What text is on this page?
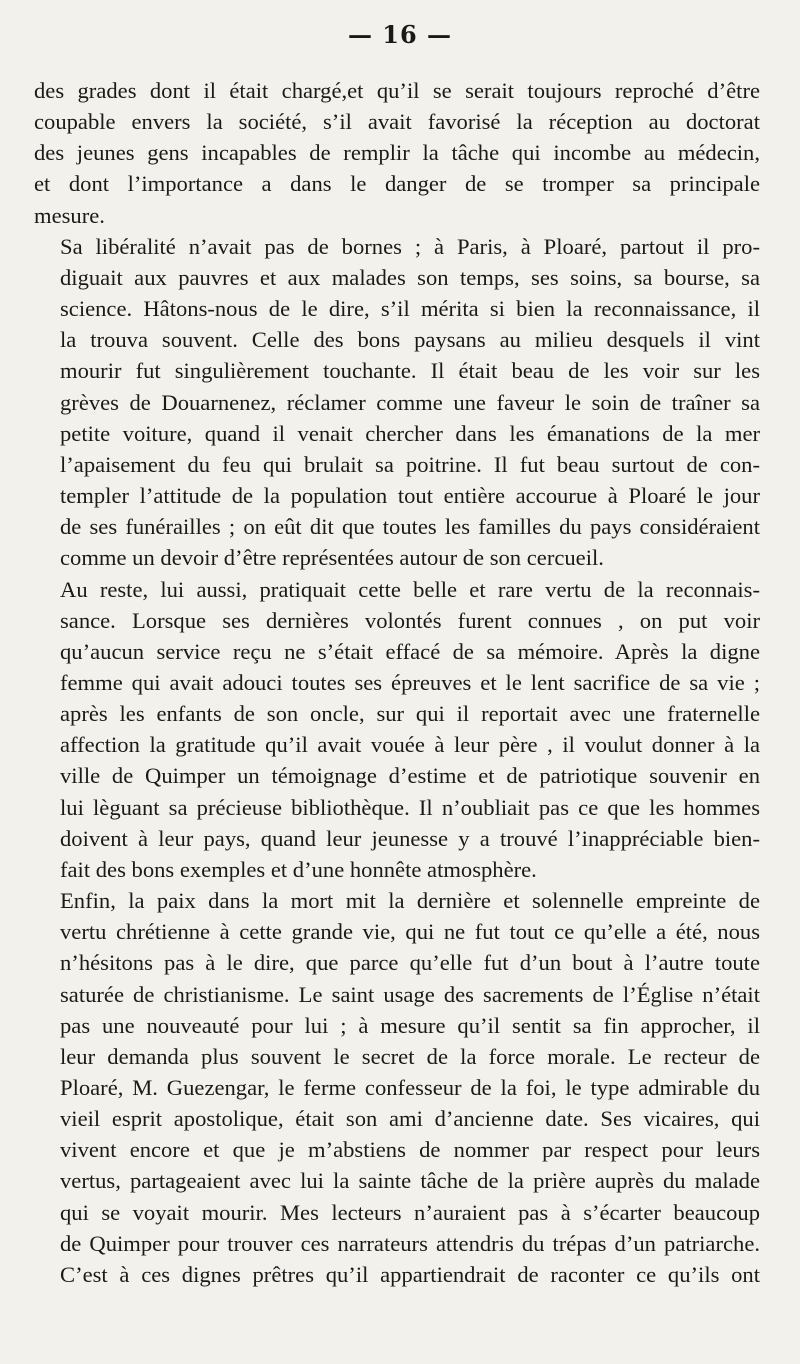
— 16 —
des grades dont il était chargé,et qu’il se serait toujours reproché d’être
coupable envers la société, s’il avait favorisé la réception au doctorat
des jeunes gens incapables de remplir la tâche qui incombe au médecin,
et dont l’importance a dans le danger de se tromper sa principale
mesure.
Sa libéralité n’avait pas de bornes ; à Paris, à Ploaré, partout il pro-
diguait aux pauvres et aux malades son temps, ses soins, sa bourse, sa
science. Hâtons-nous de le dire, s’il mérita si bien la reconnaissance, il
la trouva souvent. Celle des bons paysans au milieu desquels il vint
mourir fut singulièrement touchante. Il était beau de les voir sur les
grèves de Douarnenez, réclamer comme une faveur le soin de traîner sa
petite voiture, quand il venait chercher dans les émanations de la mer
l’apaisement du feu qui brulait sa poitrine. Il fut beau surtout de con-
templer l’attitude de la population tout entière accourue à Ploaré le jour
de ses funérailles ; on eût dit que toutes les familles du pays considéraient
comme un devoir d’être représentées autour de son cercueil.
Au reste, lui aussi, pratiquait cette belle et rare vertu de la reconnais-
sance. Lorsque ses dernières volontés furent connues , on put voir
qu’aucun service reçu ne s’était effacé de sa mémoire. Après la digne
femme qui avait adouci toutes ses épreuves et le lent sacrifice de sa vie ;
après les enfants de son oncle, sur qui il reportait avec une fraternelle
affection la gratitude qu’il avait vouée à leur père , il voulut donner à la
ville de Quimper un témoignage d’estime et de patriotique souvenir en
lui lèguant sa précieuse bibliothèque. Il n’oubliait pas ce que les hommes
doivent à leur pays, quand leur jeunesse y a trouvé l’inappréciable bien-
fait des bons exemples et d’une honnête atmosphère.
Enfin, la paix dans la mort mit la dernière et solennelle empreinte de
vertu chrétienne à cette grande vie, qui ne fut tout ce qu’elle a été, nous
n’hésitons pas à le dire, que parce qu’elle fut d’un bout à l’autre toute
saturée de christianisme. Le saint usage des sacrements de l’Église n’était
pas une nouveauté pour lui ; à mesure qu’il sentit sa fin approcher, il
leur demanda plus souvent le secret de la force morale. Le recteur de
Ploaré, M. Guezengar, le ferme confesseur de la foi, le type admirable du
vieil esprit apostolique, était son ami d’ancienne date. Ses vicaires, qui
vivent encore et que je m’abstiens de nommer par respect pour leurs
vertus, partageaient avec lui la sainte tâche de la prière auprès du malade
qui se voyait mourir. Mes lecteurs n’auraient pas à s’écarter beaucoup
de Quimper pour trouver ces narrateurs attendris du trépas d’un patriarche.
C’est à ces dignes prêtres qu’il appartiendrait de raconter ce qu’ils ont
